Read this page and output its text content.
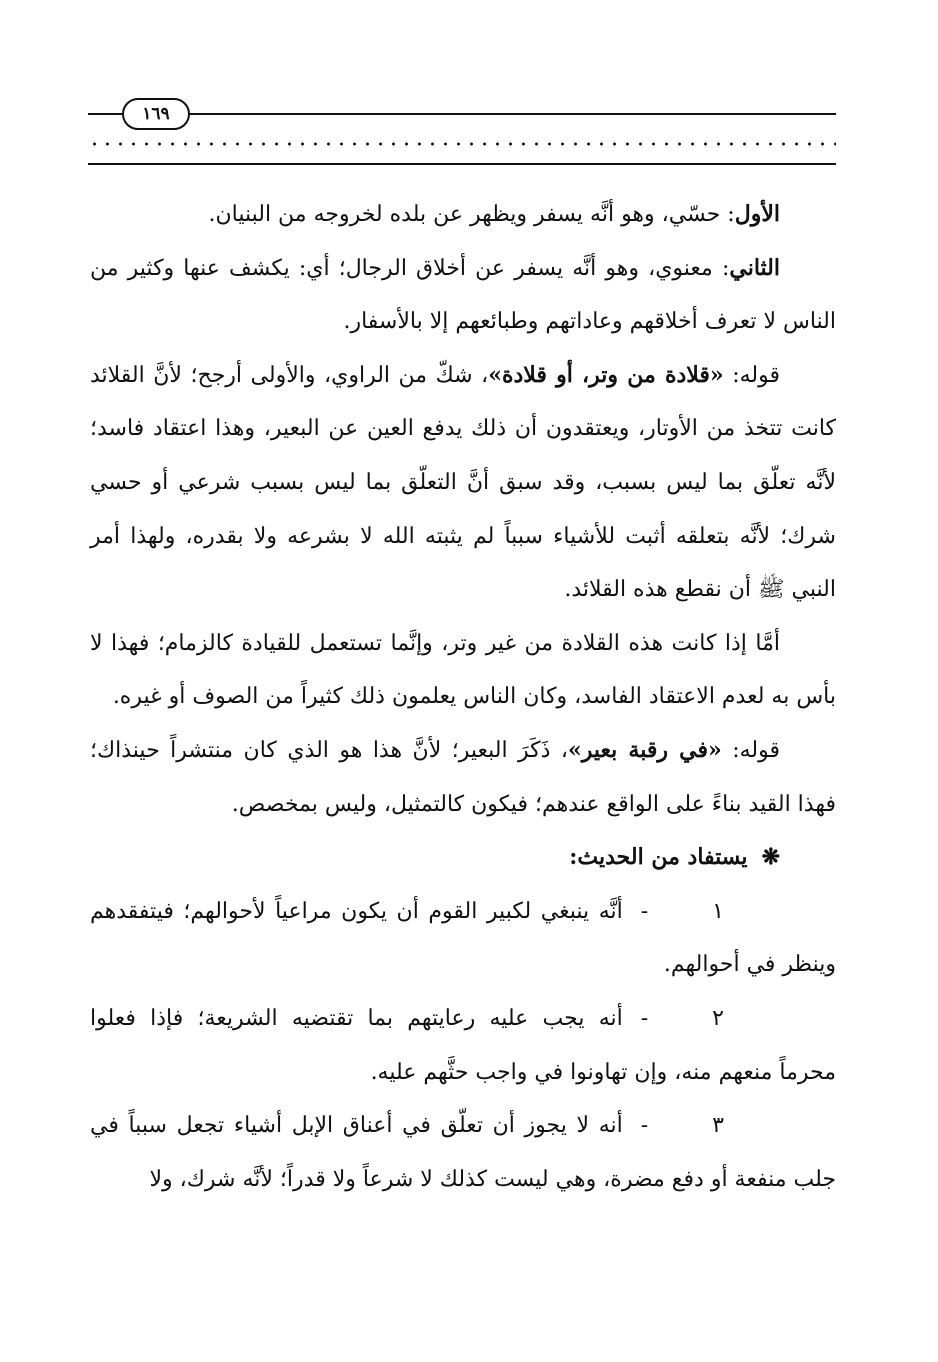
١٦٩

الأول: حسّي، وهو أنَّه يسفر ويظهر عن بلده لخروجه من البنيان.

الثاني: معنوي، وهو أنَّه يسفر عن أخلاق الرجال؛ أي: يكشف عنها وكثير من الناس لا تعرف أخلاقهم وعاداتهم وطبائعهم إلا بالأسفار.

قوله: «قلادة من وتر، أو قلادة»، شكّ من الراوي، والأولى أرجح؛ لأنَّ القلائد كانت تتخذ من الأوتار، ويعتقدون أن ذلك يدفع العين عن البعير، وهذا اعتقاد فاسد؛ لأنَّه تعلّق بما ليس بسبب، وقد سبق أنَّ التعلّق بما ليس بسبب شرعي أو حسي شرك؛ لأنَّه بتعلقه أثبت للأشياء سبباً لم يثبته الله لا بشرعه ولا بقدره، ولهذا أمر النبي ﷺ أن نقطع هذه القلائد.

أمَّا إذا كانت هذه القلادة من غير وتر، وإنَّما تستعمل للقيادة كالزمام؛ فهذا لا بأس به لعدم الاعتقاد الفاسد، وكان الناس يعلمون ذلك كثيراً من الصوف أو غيره.

قوله: «في رقبة بعير»، ذَكَرَ البعير؛ لأنَّ هذا هو الذي كان منتشراً حينذاك؛ فهذا القيد بناءً على الواقع عندهم؛ فيكون كالتمثيل، وليس بمخصص.

❋يستفاد من الحديث:

١-أنَّه ينبغي لكبير القوم أن يكون مراعياً لأحوالهم؛ فيتفقدهم وينظر في أحوالهم.

٢-أنه يجب عليه رعايتهم بما تقتضيه الشريعة؛ فإذا فعلوا محرماً منعهم منه، وإن تهاونوا في واجب حثَّهم عليه.

٣-أنه لا يجوز أن تعلّق في أعناق الإبل أشياء تجعل سبباً في جلب منفعة أو دفع مضرة، وهي ليست كذلك لا شرعاً ولا قدراً؛ لأنَّه شرك، ولا
